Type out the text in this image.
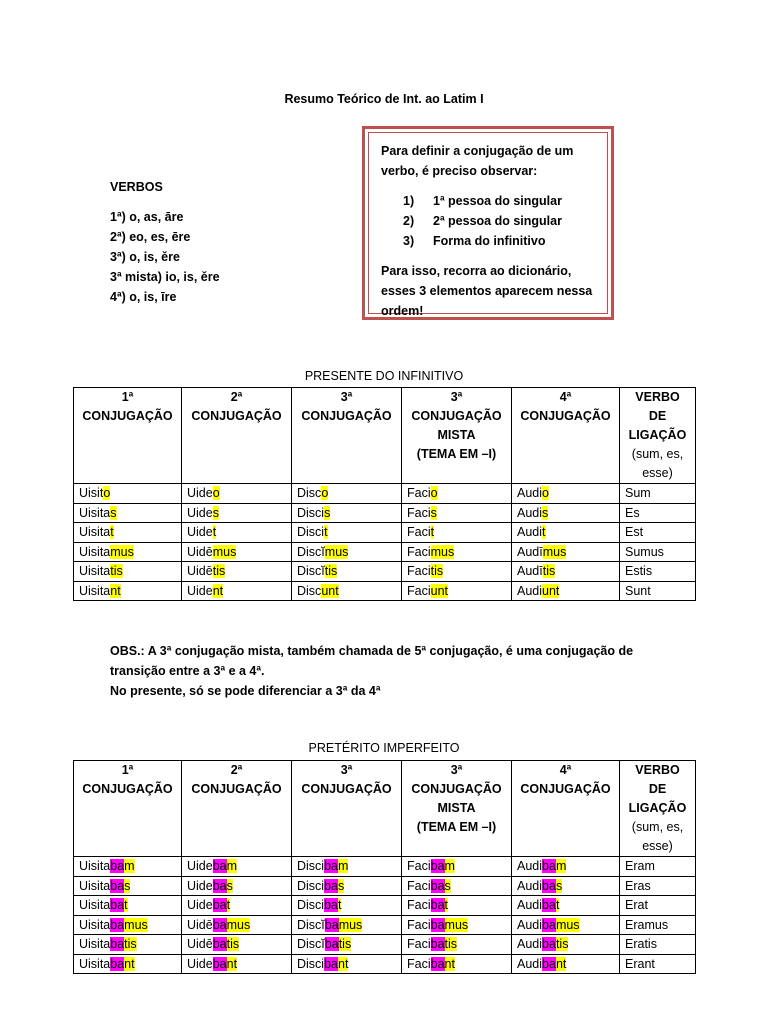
Resumo Teórico de Int. ao Latim I
VERBOS
1ª) o, as, āre
2ª) eo, es, ēre
3ª) o, is, ěre
3ª mista) io, is, ěre
4ª) o, is, īre
Para definir a conjugação de um verbo, é preciso observar:
1)	1ª pessoa do singular
2)	2ª pessoa do singular
3)	Forma do infinitivo
Para isso, recorra ao dicionário, esses 3 elementos aparecem nessa ordem!
PRESENTE DO INFINITIVO
1ª
CONJUGAÇÃO	2ª
CONJUGAÇÃO	3ª
CONJUGAÇÃO	3ª
CONJUGAÇÃO
MISTA
(TEMA EM –I)	4ª
CONJUGAÇÃO	VERBO
DE
LIGAÇÃO
(sum, es,
esse)
Uisito	Uideo	Disco	Facio	Audio	Sum
Uisitas	Uides	Discis	Facis	Audis	Es
Uisitat	Uidet	Discit	Facit	Audit	Est
Uisitamus	Uidēmus	Discĭmus	Facimus	Audīmus	Sumus
Uisitatis	Uidētis	Discĭtis	Facitis	Audītis	Estis
Uisitant	Uident	Discunt	Faciunt	Audiunt	Sunt
OBS.: A 3ª conjugação mista, também chamada de 5ª conjugação, é uma conjugação de transição entre a 3ª e a 4ª.
No presente, só se pode diferenciar a 3ª da 4ª
PRETÉRITO IMPERFEITO
1ª
CONJUGAÇÃO	2ª
CONJUGAÇÃO	3ª
CONJUGAÇÃO	3ª
CONJUGAÇÃO
MISTA
(TEMA EM –I)	4ª
CONJUGAÇÃO	VERBO
DE
LIGAÇÃO
(sum, es,
esse)
Uisitabam	Uidebam	Discibam	Facibam	Audibam	Eram
Uisitabas	Uidebas	Discibas	Facibas	Audibas	Eras
Uisitabat	Uidebat	Discibat	Facibat	Audibat	Erat
Uisitabamus	Uidēbamus	Discĭbamus	Facibamus	Audibamus	Eramus
Uisitabatis	Uidēbatis	Discĭbatis	Facibatis	Audibatis	Eratis
Uisitabant	Uidebant	Discibant	Facibant	Audibant	Erant
